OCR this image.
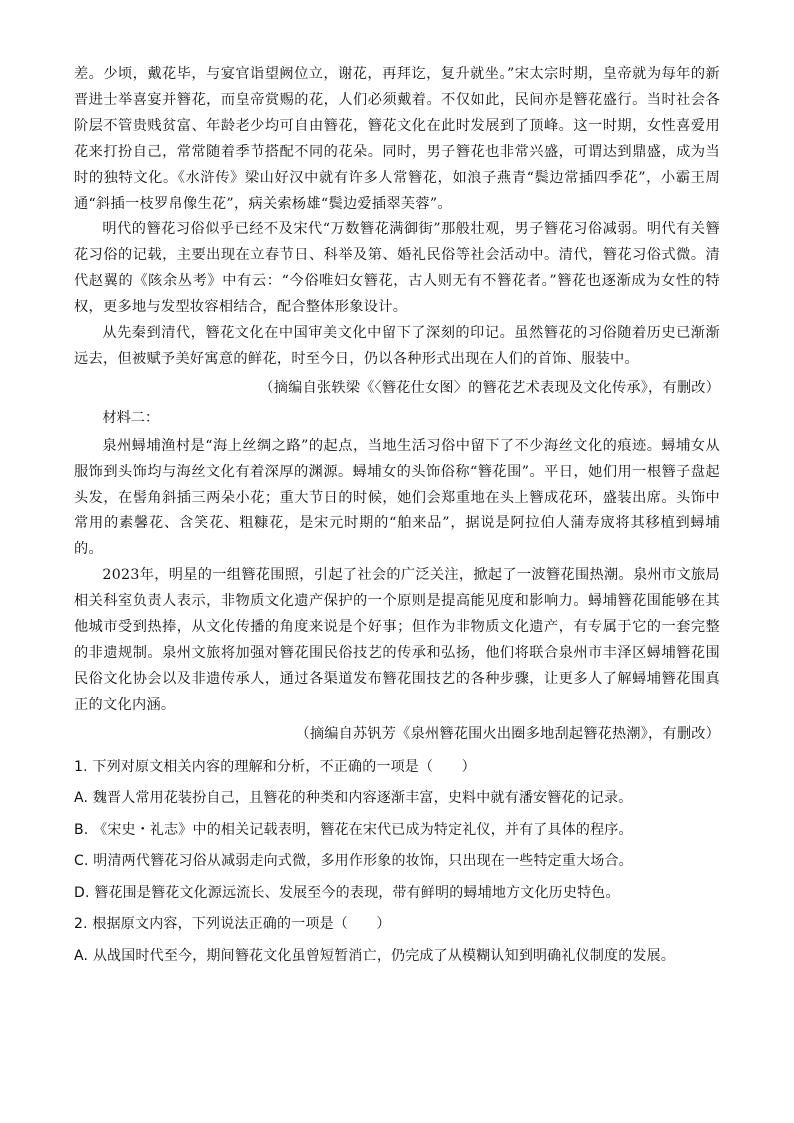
差。少顷，戴花毕，与宴官诣望阙位立，谢花，再拜讫，复升就坐。”宋太宗时期，皇帝就为每年的新晋进士举喜宴并簪花，而皇帝赏赐的花，人们必须戴着。不仅如此，民间亦是簪花盛行。当时社会各阶层不管贵贱贫富、年龄老少均可自由簪花，簪花文化在此时发展到了顶峰。这一时期，女性喜爱用花来打扮自己，常常随着季节搭配不同的花朵。同时，男子簪花也非常兴盛，可谓达到鼎盛，成为当时的独特文化。《水浒传》梁山好汉中就有许多人常簪花，如浪子燕青“鬓边常插四季花”，小霸王周通“斜插一枝罗帛像生花”，病关索杨雄“鬓边爱插翠芙蓉”。

明代的簪花习俗似乎已经不及宋代“万数簪花满御街”那般壮观，男子簪花习俗减弱。明代有关簪花习俗的记载，主要出现在立春节日、科举及第、婚礼民俗等社会活动中。清代，簪花习俗式微。清代赵翼的《陔余丛考》中有云：“今俗唯妇女簪花，古人则无有不簪花者。”簪花也逐渐成为女性的特权，更多地与发型妆容相结合，配合整体形象设计。

从先秦到清代，簪花文化在中国审美文化中留下了深刻的印记。虽然簪花的习俗随着历史已渐渐远去，但被赋予美好寓意的鲜花，时至今日，仍以各种形式出现在人们的首饰、服装中。

（摘编自张轶梁《〈簪花仕女图〉的簪花艺术表现及文化传承》，有删改）

材料二：

泉州蟳埔渔村是“海上丝绸之路”的起点，当地生活习俗中留下了不少海丝文化的痕迹。蟳埔女从服饰到头饰均与海丝文化有着深厚的渊源。蟳埔女的头饰俗称“簪花围”。平日，她们用一根簪子盘起头发，在髻角斜插三两朵小花；重大节日的时候，她们会郑重地在头上簪成花环，盛装出席。头饰中常用的素馨花、含笑花、粗糠花，是宋元时期的“舶来品”，据说是阿拉伯人蒲寿宬将其移植到蟳埔的。

2023年，明星的一组簪花围照，引起了社会的广泛关注，掀起了一波簪花围热潮。泉州市文旅局相关科室负责人表示，非物质文化遗产保护的一个原则是提高能见度和影响力。蟳埔簪花围能够在其他城市受到热捧，从文化传播的角度来说是个好事；但作为非物质文化遗产，有专属于它的一套完整的非遗规制。泉州文旅将加强对簪花围民俗技艺的传承和弘扬，他们将联合泉州市丰泽区蟳埔簪花围民俗文化协会以及非遗传承人，通过各渠道发布簪花围技艺的各种步骤，让更多人了解蟳埔簪花围真正的文化内涵。

（摘编自苏钒芳《泉州簪花围火出圈多地刮起簪花热潮》，有删改）

1. 下列对原文相关内容的理解和分析，不正确的一项是（　　）

A. 魏晋人常用花装扮自己，且簪花的种类和内容逐渐丰富，史料中就有潘安簪花的记录。

B. 《宋史・礼志》中的相关记载表明，簪花在宋代已成为特定礼仪，并有了具体的程序。

C. 明清两代簪花习俗从减弱走向式微，多用作形象的妆饰，只出现在一些特定重大场合。

D. 簪花围是簪花文化源远流长、发展至今的表现，带有鲜明的蟳埔地方文化历史特色。

2. 根据原文内容，下列说法正确的一项是（　　）

A. 从战国时代至今，期间簪花文化虽曾短暂消亡，仍完成了从模糊认知到明确礼仪制度的发展。
